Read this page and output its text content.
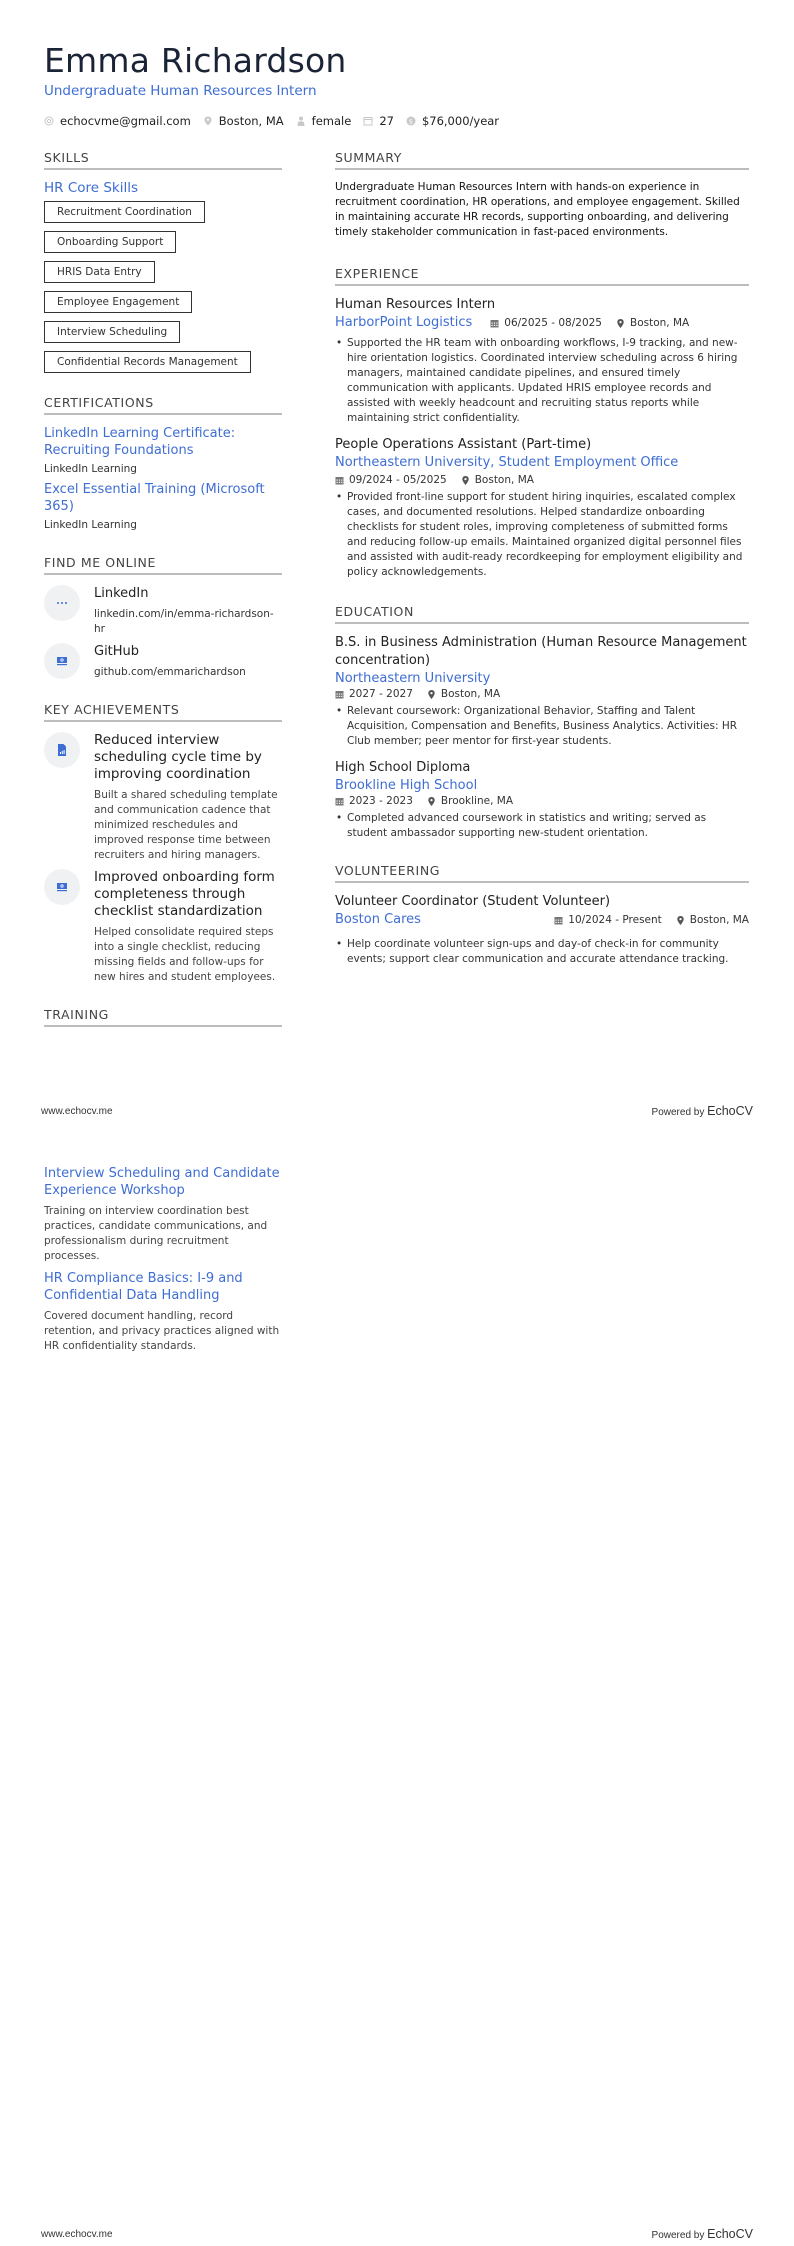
Emma Richardson
Undergraduate Human Resources Intern
echocvme@gmail.com Boston, MA female 27 $ $76,000/year
SKILLS
HR Core Skills
Recruitment Coordination
Onboarding Support
HRIS Data Entry
Employee Engagement
Interview Scheduling
Confidential Records Management
CERTIFICATIONS
LinkedIn Learning Certificate: Recruiting Foundations
LinkedIn Learning
Excel Essential Training (Microsoft 365)
LinkedIn Learning
FIND ME ONLINE
LinkedIn
linkedin.com/in/emma-richardson-hr
GitHub
github.com/emmarichardson
KEY ACHIEVEMENTS
Reduced interview scheduling cycle time by improving coordination
Built a shared scheduling template and communication cadence that minimized reschedules and improved response time between recruiters and hiring managers.
Improved onboarding form completeness through checklist standardization
Helped consolidate required steps into a single checklist, reducing missing fields and follow-ups for new hires and student employees.
TRAINING
SUMMARY
Undergraduate Human Resources Intern with hands-on experience in recruitment coordination, HR operations, and employee engagement. Skilled in maintaining accurate HR records, supporting onboarding, and delivering timely stakeholder communication in fast-paced environments.
EXPERIENCE
Human Resources Intern
HarborPoint Logistics	06/2025 - 08/2025	Boston, MA
• Supported the HR team with onboarding workflows, I-9 tracking, and new-hire orientation logistics. Coordinated interview scheduling across 6 hiring managers, maintained candidate pipelines, and ensured timely communication with applicants. Updated HRIS employee records and assisted with weekly headcount and recruiting status reports while maintaining strict confidentiality.
People Operations Assistant (Part-time)
Northeastern University, Student Employment Office
09/2024 - 05/2025	Boston, MA
• Provided front-line support for student hiring inquiries, escalated complex cases, and documented resolutions. Helped standardize onboarding checklists for student roles, improving completeness of submitted forms and reducing follow-up emails. Maintained organized digital personnel files and assisted with audit-ready recordkeeping for employment eligibility and policy acknowledgements.
EDUCATION
B.S. in Business Administration (Human Resource Management concentration)
Northeastern University
2027 - 2027	Boston, MA
• Relevant coursework: Organizational Behavior, Staffing and Talent Acquisition, Compensation and Benefits, Business Analytics. Activities: HR Club member; peer mentor for first-year students.
High School Diploma
Brookline High School
2023 - 2023	Brookline, MA
• Completed advanced coursework in statistics and writing; served as student ambassador supporting new-student orientation.
VOLUNTEERING
Volunteer Coordinator (Student Volunteer)
Boston Cares	10/2024 - Present	Boston, MA
• Help coordinate volunteer sign-ups and day-of check-in for community events; support clear communication and accurate attendance tracking.
www.echocv.me	Powered by EchoCV
Interview Scheduling and Candidate Experience Workshop
Training on interview coordination best practices, candidate communications, and professionalism during recruitment processes.
HR Compliance Basics: I-9 and Confidential Data Handling
Covered document handling, record retention, and privacy practices aligned with HR confidentiality standards.
www.echocv.me	Powered by EchoCV
